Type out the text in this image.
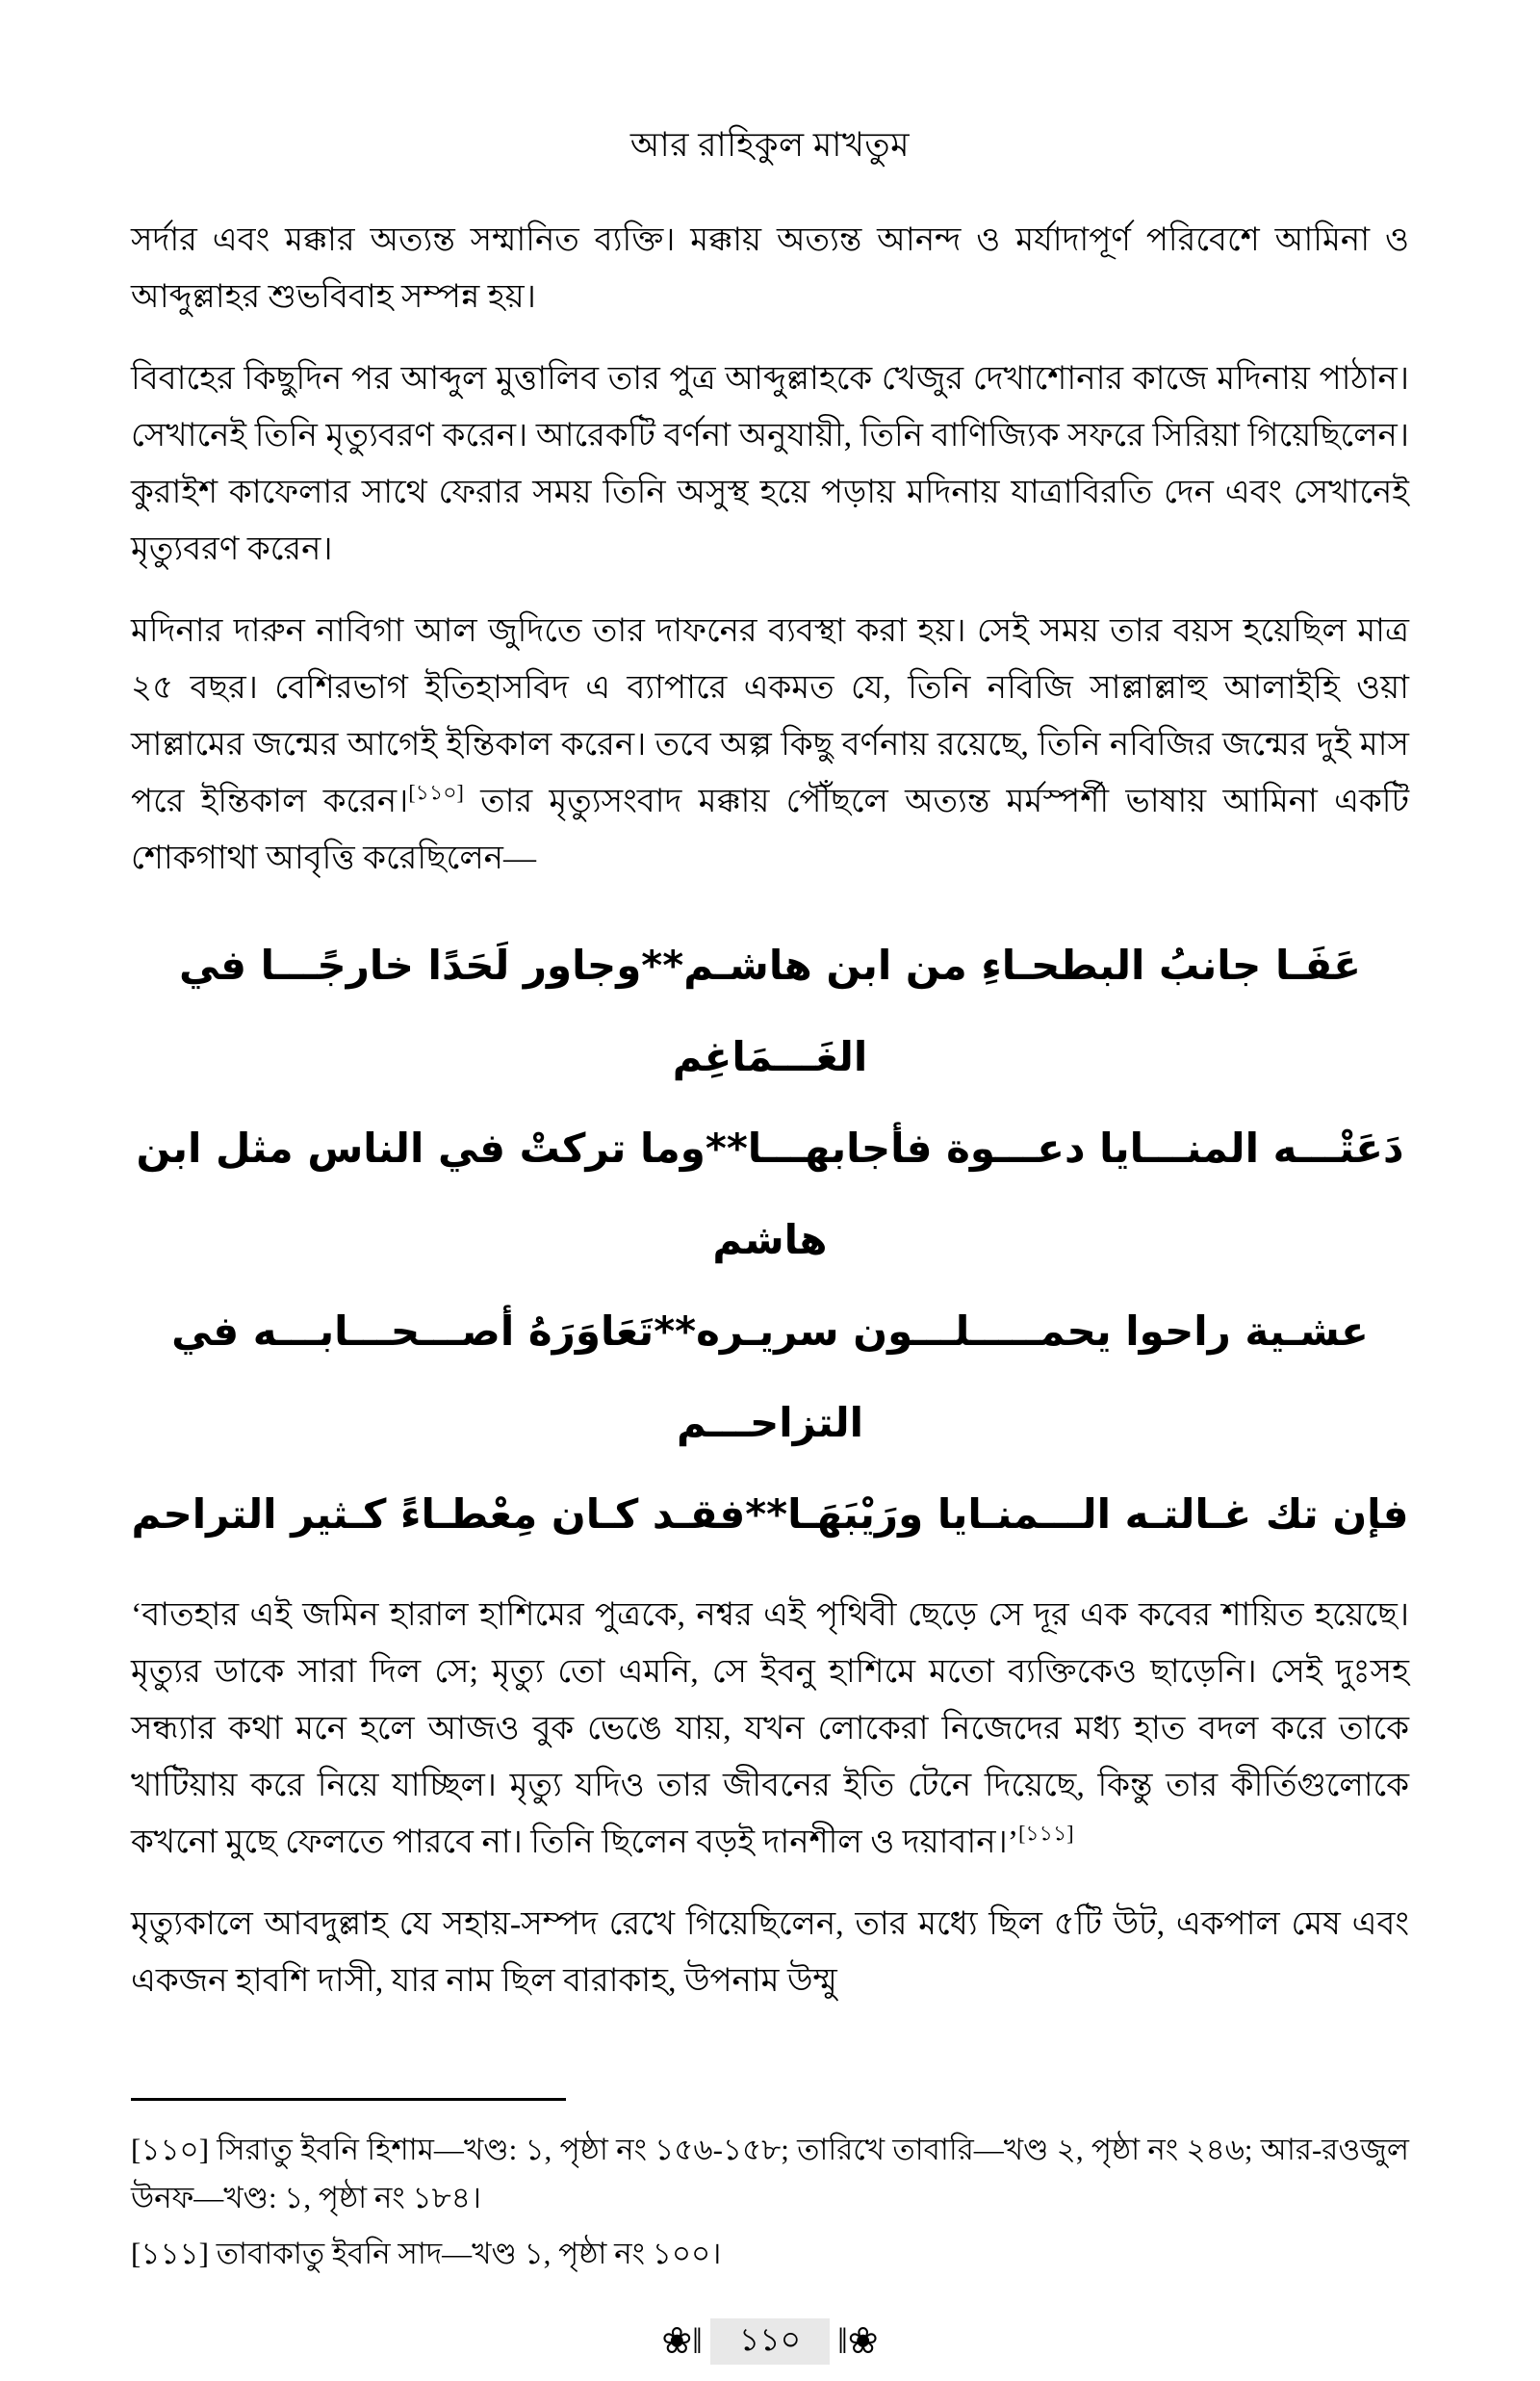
আর রাহিকুল মাখতুম

সর্দার এবং মক্কার অত্যন্ত সম্মানিত ব্যক্তি। মক্কায় অত্যন্ত আনন্দ ও মর্যাদাপূর্ণ পরিবেশে আমিনা ও আব্দুল্লাহর শুভবিবাহ সম্পন্ন হয়।

বিবাহের কিছুদিন পর আব্দুল মুত্তালিব তার পুত্র আব্দুল্লাহকে খেজুর দেখাশোনার কাজে মদিনায় পাঠান। সেখানেই তিনি মৃত্যুবরণ করেন। আরেকটি বর্ণনা অনুযায়ী, তিনি বাণিজ্যিক সফরে সিরিয়া গিয়েছিলেন। কুরাইশ কাফেলার সাথে ফেরার সময় তিনি অসুস্থ হয়ে পড়ায় মদিনায় যাত্রাবিরতি দেন এবং সেখানেই মৃত্যুবরণ করেন।

মদিনার দারুন নাবিগা আল জুদিতে তার দাফনের ব্যবস্থা করা হয়। সেই সময় তার বয়স হয়েছিল মাত্র ২৫ বছর। বেশিরভাগ ইতিহাসবিদ এ ব্যাপারে একমত যে, তিনি নবিজি সাল্লাল্লাহু আলাইহি ওয়া সাল্লামের জন্মের আগেই ইন্তিকাল করেন। তবে অল্প কিছু বর্ণনায় রয়েছে, তিনি নবিজির জন্মের দুই মাস পরে ইন্তিকাল করেন।[১১০] তার মৃত্যুসংবাদ মক্কায় পৌঁছলে অত্যন্ত মর্মস্পর্শী ভাষায় আমিনা একটি শোকগাথা আবৃত্তি করেছিলেন—

عَفَـا جانبُ البطحـاءِ من ابن هاشـم**وجاور لَحَدًا خارجًـــا في الغَـــمَاغِم
دَعَتْـــه المنـــايا دعـــوة فأجابهـــا**وما تركتْ في الناس مثل ابن هاشم
عشـية راحوا يحمـــــلـــون سريـره**تَعَاوَرَهُ أصـــحـــابـــه في التزاحـــم
فإن تك غـالتـه الـــمنـايا ورَيْبَهَـا**فقـد كـان مِعْطـاءً كـثير التراحم

‘বাতহার এই জমিন হারাল হাশিমের পুত্রকে, নশ্বর এই পৃথিবী ছেড়ে সে দূর এক কবের শায়িত হয়েছে। মৃত্যুর ডাকে সারা দিল সে; মৃত্যু তো এমনি, সে ইবনু হাশিমে মতো ব্যক্তিকেও ছাড়েনি। সেই দুঃসহ সন্ধ্যার কথা মনে হলে আজও বুক ভেঙে যায়, যখন লোকেরা নিজেদের মধ্য হাত বদল করে তাকে খাটিয়ায় করে নিয়ে যাচ্ছিল। মৃত্যু যদিও তার জীবনের ইতি টেনে দিয়েছে, কিন্তু তার কীর্তিগুলোকে কখনো মুছে ফেলতে পারবে না। তিনি ছিলেন বড়ই দানশীল ও দয়াবান।’[১১১]

মৃত্যুকালে আবদুল্লাহ যে সহায়-সম্পদ রেখে গিয়েছিলেন, তার মধ্যে ছিল ৫টি উট, একপাল মেষ এবং একজন হাবশি দাসী, যার নাম ছিল বারাকাহ, উপনাম উম্মু

[১১০] সিরাতু ইবনি হিশাম—খণ্ড: ১, পৃষ্ঠা নং ১৫৬-১৫৮; তারিখে তাবারি—খণ্ড ২, পৃষ্ঠা নং ২৪৬; আর-রওজুল উনফ—খণ্ড: ১, পৃষ্ঠা নং ১৮৪।

[১১১] তাবাকাতু ইবনি সাদ—খণ্ড ১, পৃষ্ঠা নং ১০০।

❀‖	১১০	‖❀
